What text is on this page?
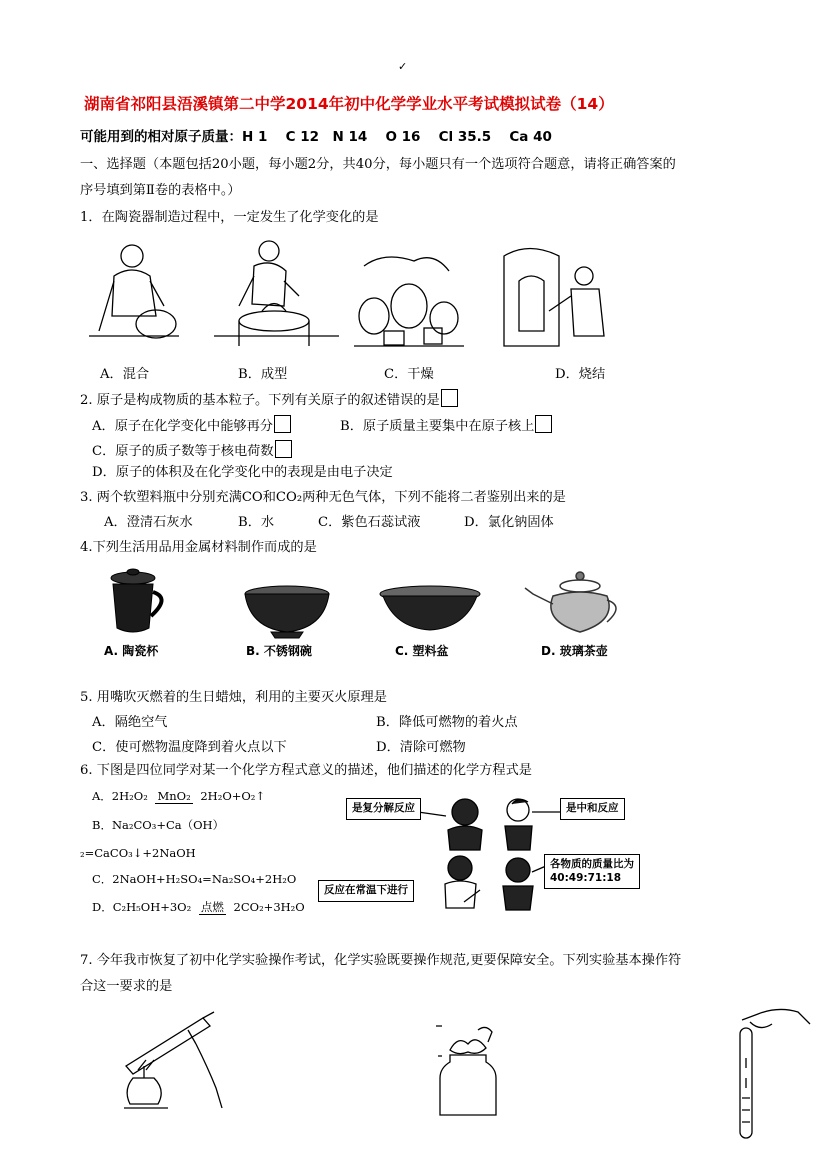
✓
湖南省祁阳县浯溪镇第二中学2014年初中化学学业水平考试模拟试卷（14）
可能用到的相对原子质量：H 1　 C 12　N 14　 O 16　 Cl 35.5　 Ca 40
一、选择题（本题包括20小题，每小题2分，共40分，每小题只有一个选项符合题意，请将正确答案的
序号填到第Ⅱ卷的表格中。）
1．在陶瓷器制造过程中，一定发生了化学变化的是
A．混合	B．成型	C．干燥	D．烧结
2. 原子是构成物质的基本粒子。下列有关原子的叙述错误的是
A．原子在化学变化中能够再分	B．原子质量主要集中在原子核上
C．原子的质子数等于核电荷数
D．原子的体积及在化学变化中的表现是由电子决定
3. 两个软塑料瓶中分别充满CO和CO₂两种无色气体，下列不能将二者鉴别出来的是
A．澄清石灰水	B．水	C．紫色石蕊试液	D．氯化钠固体
4.下列生活用品用金属材料制作而成的是
A. 陶瓷杯	B. 不锈钢碗	C. 塑料盆	D. 玻璃茶壶
5. 用嘴吹灭燃着的生日蜡烛，利用的主要灭火原理是
A．隔绝空气	B．降低可燃物的着火点
C．使可燃物温度降到着火点以下	D．清除可燃物
6. 下图是四位同学对某一个化学方程式意义的描述，他们描述的化学方程式是
A．2H₂O₂ MnO₂ 2H₂O+O₂↑
B．Na₂CO₃+Ca（OH）
₂=CaCO₃↓+2NaOH
C．2NaOH+H₂SO₄=Na₂SO₄+2H₂O
D．C₂H₅OH+3O₂ 点燃 2CO₂+3H₂O
是复分解反应	是中和反应
反应在常温下进行
各物质的质量比为
40:49:71:18
7. 今年我市恢复了初中化学实验操作考试，化学实验既要操作规范,更要保障安全。下列实验基本操作符
合这一要求的是
